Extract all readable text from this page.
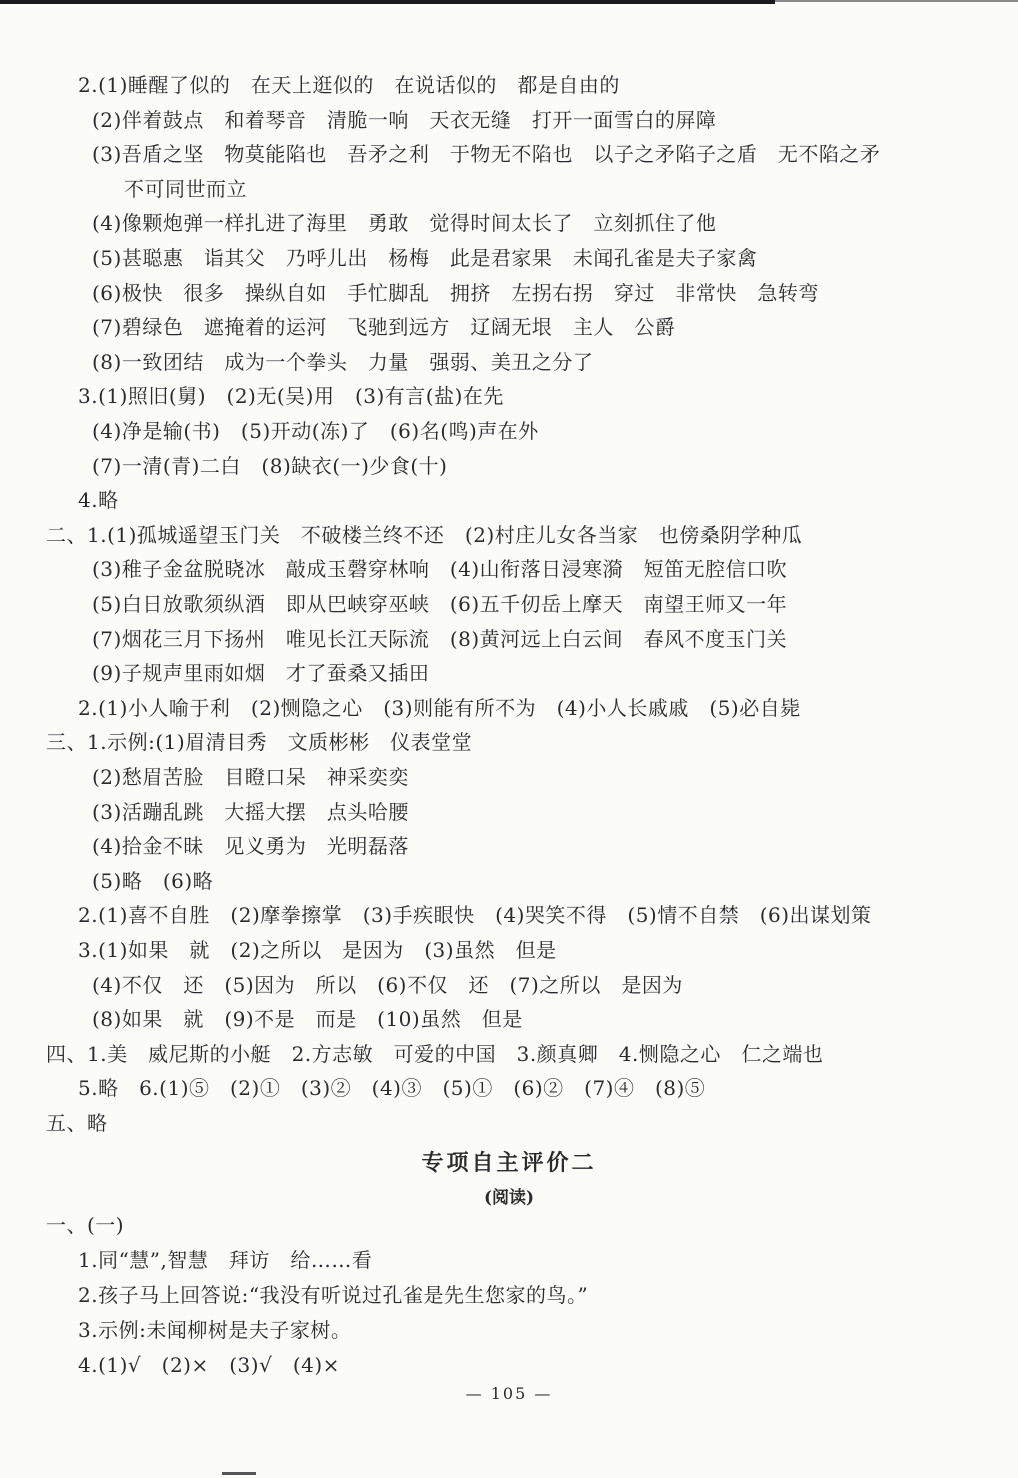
2.(1)睡醒了似的　在天上逛似的　在说话似的　都是自由的
(2)伴着鼓点　和着琴音　清脆一响　天衣无缝　打开一面雪白的屏障
(3)吾盾之坚　物莫能陷也　吾矛之利　于物无不陷也　以子之矛陷子之盾　无不陷之矛
不可同世而立
(4)像颗炮弹一样扎进了海里　勇敢　觉得时间太长了　立刻抓住了他
(5)甚聪惠　诣其父　乃呼儿出　杨梅　此是君家果　未闻孔雀是夫子家禽
(6)极快　很多　操纵自如　手忙脚乱　拥挤　左拐右拐　穿过　非常快　急转弯
(7)碧绿色　遮掩着的运河　飞驰到远方　辽阔无垠　主人　公爵
(8)一致团结　成为一个拳头　力量　强弱、美丑之分了
3.(1)照旧(舅)　(2)无(吴)用　(3)有言(盐)在先
(4)净是输(书)　(5)开动(冻)了　(6)名(鸣)声在外
(7)一清(青)二白　(8)缺衣(一)少食(十)
4.略
二、1.(1)孤城遥望玉门关　不破楼兰终不还　(2)村庄儿女各当家　也傍桑阴学种瓜
(3)稚子金盆脱晓冰　敲成玉磬穿林响　(4)山衔落日浸寒漪　短笛无腔信口吹
(5)白日放歌须纵酒　即从巴峡穿巫峡　(6)五千仞岳上摩天　南望王师又一年
(7)烟花三月下扬州　唯见长江天际流　(8)黄河远上白云间　春风不度玉门关
(9)子规声里雨如烟　才了蚕桑又插田
2.(1)小人喻于利　(2)恻隐之心　(3)则能有所不为　(4)小人长戚戚　(5)必自毙
三、1.示例:(1)眉清目秀　文质彬彬　仪表堂堂
(2)愁眉苦脸　目瞪口呆　神采奕奕
(3)活蹦乱跳　大摇大摆　点头哈腰
(4)拾金不昧　见义勇为　光明磊落
(5)略　(6)略
2.(1)喜不自胜　(2)摩拳擦掌　(3)手疾眼快　(4)哭笑不得　(5)情不自禁　(6)出谋划策
3.(1)如果　就　(2)之所以　是因为　(3)虽然　但是
(4)不仅　还　(5)因为　所以　(6)不仅　还　(7)之所以　是因为
(8)如果　就　(9)不是　而是　(10)虽然　但是
四、1.美　威尼斯的小艇　2.方志敏　可爱的中国　3.颜真卿　4.恻隐之心　仁之端也
5.略　6.(1)⑤　(2)①　(3)②　(4)③　(5)①　(6)②　(7)④　(8)⑤
五、略
专项自主评价二
(阅读)
一、(一)
1.同“慧”,智慧　拜访　给……看
2.孩子马上回答说:“我没有听说过孔雀是先生您家的鸟。”
3.示例:未闻柳树是夫子家树。
4.(1)√　(2)×　(3)√　(4)×
— 105 —
